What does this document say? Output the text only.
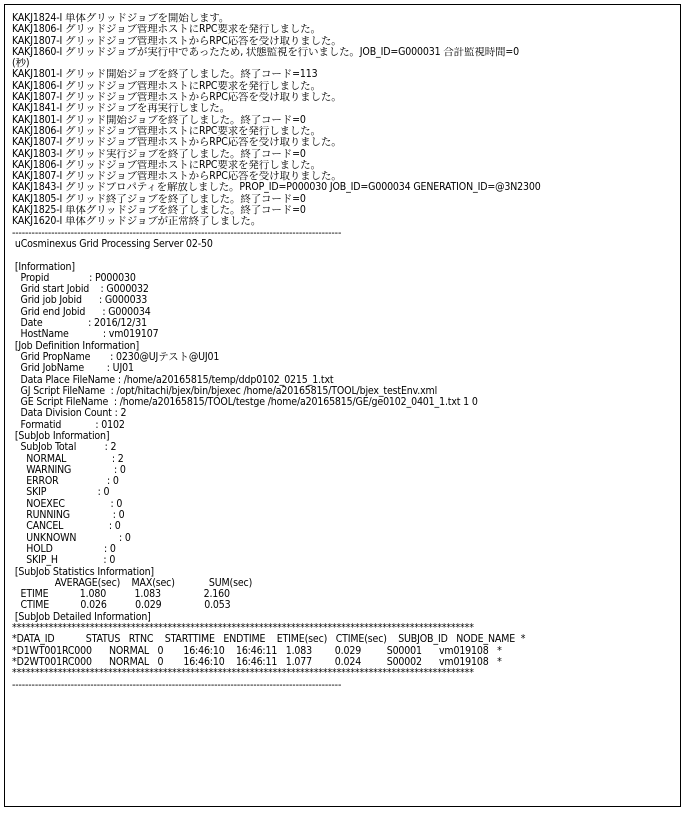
KAKJ1824-I 単体グリッドジョブを開始します。
KAKJ1806-I グリッドジョブ管理ホストにRPC要求を発行しました。
KAKJ1807-I グリッドジョブ管理ホストからRPC応答を受け取りました。
KAKJ1860-I グリッドジョブが実行中であったため, 状態監視を行いました。JOB_ID=G000031 合計監視時間=0
(秒)
KAKJ1801-I グリッド開始ジョブを終了しました。終了コード=113
KAKJ1806-I グリッドジョブ管理ホストにRPC要求を発行しました。
KAKJ1807-I グリッドジョブ管理ホストからRPC応答を受け取りました。
KAKJ1841-I グリッドジョブを再実行しました。
KAKJ1801-I グリッド開始ジョブを終了しました。終了コード=0
KAKJ1806-I グリッドジョブ管理ホストにRPC要求を発行しました。
KAKJ1807-I グリッドジョブ管理ホストからRPC応答を受け取りました。
KAKJ1803-I グリッド実行ジョブを終了しました。終了コード=0
KAKJ1806-I グリッドジョブ管理ホストにRPC要求を発行しました。
KAKJ1807-I グリッドジョブ管理ホストからRPC応答を受け取りました。
KAKJ1843-I グリッドプロパティを解放しました。PROP_ID=P000030 JOB_ID=G000034 GENERATION_ID=@3N2300
KAKJ1805-I グリッド終了ジョブを終了しました。終了コード=0
KAKJ1825-I 単体グリッドジョブを終了しました。終了コード=0
KAKJ1620-I 単体グリッドジョブが正常終了しました。
-----------------------------------------------------------------------------------------------------
uCosminexus Grid Processing Server 02-50
[Information]
Propid              : P000030
Grid start Jobid    : G000032
Grid job Jobid      : G000033
Grid end Jobid      : G000034
Date                : 2016/12/31
HostName            : vm019107
[Job Definition Information]
Grid PropName       : 0230@UJテスト@UJ01
Grid JobName        : UJ01
Data Place FileName : /home/a20165815/temp/ddp0102_0215_1.txt
GJ Script FileName  : /opt/hitachi/bjex/bin/bjexec /home/a20165815/TOOL/bjex_testEnv.xml
GE Script FileName  : /home/a20165815/TOOL/testge /home/a20165815/GE/ge0102_0401_1.txt 1 0
Data Division Count : 2
Formatid            : 0102
[SubJob Information]
SubJob Total          : 2
NORMAL                : 2
WARNING               : 0
ERROR                 : 0
SKIP                  : 0
NOEXEC                : 0
RUNNING               : 0
CANCEL                : 0
UNKNOWN               : 0
HOLD                  : 0
SKIP_H                : 0
[SubJob Statistics Information]
AVERAGE(sec)    MAX(sec)            SUM(sec)
ETIME           1.080          1.083               2.160
CTIME           0.026          0.029               0.053
[SubJob Detailed Information]
*****************************************************************************************************
*DATA_ID           STATUS   RTNC    STARTTIME   ENDTIME    ETIME(sec)   CTIME(sec)    SUBJOB_ID   NODE_NAME  *
*D1WT001RC000      NORMAL   0       16:46:10    16:46:11   1.083        0.029         S00001      vm019108   *
*D2WT001RC000      NORMAL   0       16:46:10    16:46:11   1.077        0.024         S00002      vm019108   *
*****************************************************************************************************
-----------------------------------------------------------------------------------------------------
